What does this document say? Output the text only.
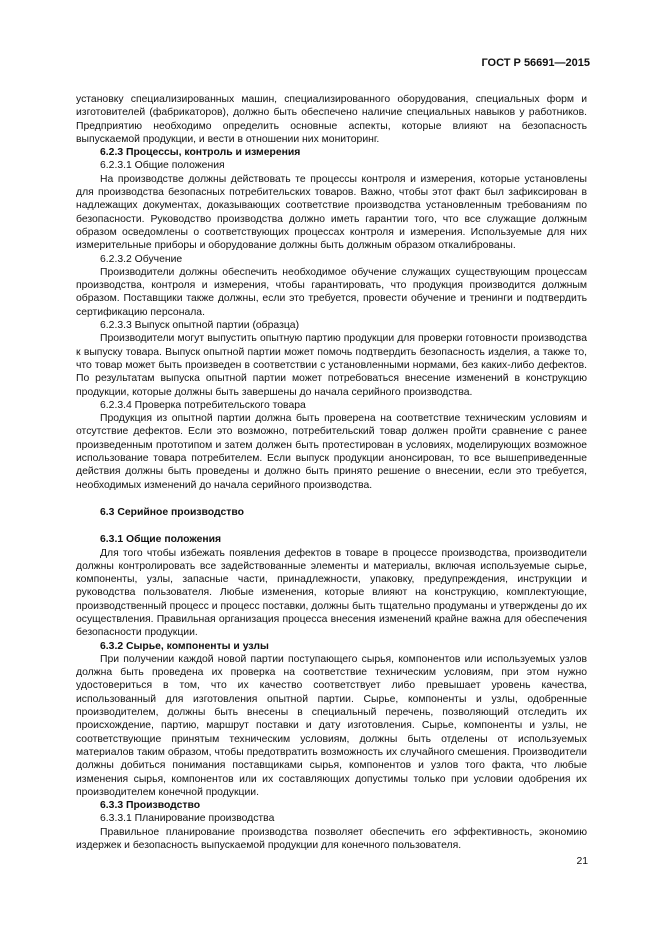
ГОСТ Р 56691—2015

установку специализированных машин, специализированного оборудования, специальных форм и изготовителей (фабрикаторов), должно быть обеспечено наличие специальных навыков у работников. Предприятию необходимо определить основные аспекты, которые влияют на безопасность выпускаемой продукции, и вести в отношении них мониторинг.

6.2.3 Процессы, контроль и измерения

6.2.3.1 Общие положения

На производстве должны действовать те процессы контроля и измерения, которые установлены для производства безопасных потребительских товаров. Важно, чтобы этот факт был зафиксирован в надлежащих документах, доказывающих соответствие производства установленным требованиям по безопасности. Руководство производства должно иметь гарантии того, что все служащие должным образом осведомлены о соответствующих процессах контроля и измерения. Используемые для них измерительные приборы и оборудование должны быть должным образом откалиброваны.

6.2.3.2 Обучение

Производители должны обеспечить необходимое обучение служащих существующим процессам производства, контроля и измерения, чтобы гарантировать, что продукция производится должным образом. Поставщики также должны, если это требуется, провести обучение и тренинги и подтвердить сертификацию персонала.

6.2.3.3 Выпуск опытной партии (образца)

Производители могут выпустить опытную партию продукции для проверки готовности производства к выпуску товара. Выпуск опытной партии может помочь подтвердить безопасность изделия, а также то, что товар может быть произведен в соответствии с установленными нормами, без каких-либо дефектов. По результатам выпуска опытной партии может потребоваться внесение изменений в конструкцию продукции, которые должны быть завершены до начала серийного производства.

6.2.3.4 Проверка потребительского товара

Продукция из опытной партии должна быть проверена на соответствие техническим условиям и отсутствие дефектов. Если это возможно, потребительский товар должен пройти сравнение с ранее произведенным прототипом и затем должен быть протестирован в условиях, моделирующих возможное использование товара потребителем. Если выпуск продукции анонсирован, то все вышеприведенные действия должны быть проведены и должно быть принято решение о внесении, если это требуется, необходимых изменений до начала серийного производства.

6.3 Серийное производство

6.3.1 Общие положения

Для того чтобы избежать появления дефектов в товаре в процессе производства, производители должны контролировать все задействованные элементы и материалы, включая используемые сырье, компоненты, узлы, запасные части, принадлежности, упаковку, предупреждения, инструкции и руководства пользователя. Любые изменения, которые влияют на конструкцию, комплектующие, производственный процесс и процесс поставки, должны быть тщательно продуманы и утверждены до их осуществления. Правильная организация процесса внесения изменений крайне важна для обеспечения безопасности продукции.

6.3.2 Сырье, компоненты и узлы

При получении каждой новой партии поступающего сырья, компонентов или используемых узлов должна быть проведена их проверка на соответствие техническим условиям, при этом нужно удостовериться в том, что их качество соответствует либо превышает уровень качества, использованный для изготовления опытной партии. Сырье, компоненты и узлы, одобренные производителем, должны быть внесены в специальный перечень, позволяющий отследить их происхождение, партию, маршрут поставки и дату изготовления. Сырье, компоненты и узлы, не соответствующие принятым техническим условиям, должны быть отделены от используемых материалов таким образом, чтобы предотвратить возможность их случайного смешения. Производители должны добиться понимания поставщиками сырья, компонентов и узлов того факта, что любые изменения сырья, компонентов или их составляющих допустимы только при условии одобрения их производителем конечной продукции.

6.3.3 Производство

6.3.3.1 Планирование производства

Правильное планирование производства позволяет обеспечить его эффективность, экономию издержек и безопасность выпускаемой продукции для конечного пользователя.

21
